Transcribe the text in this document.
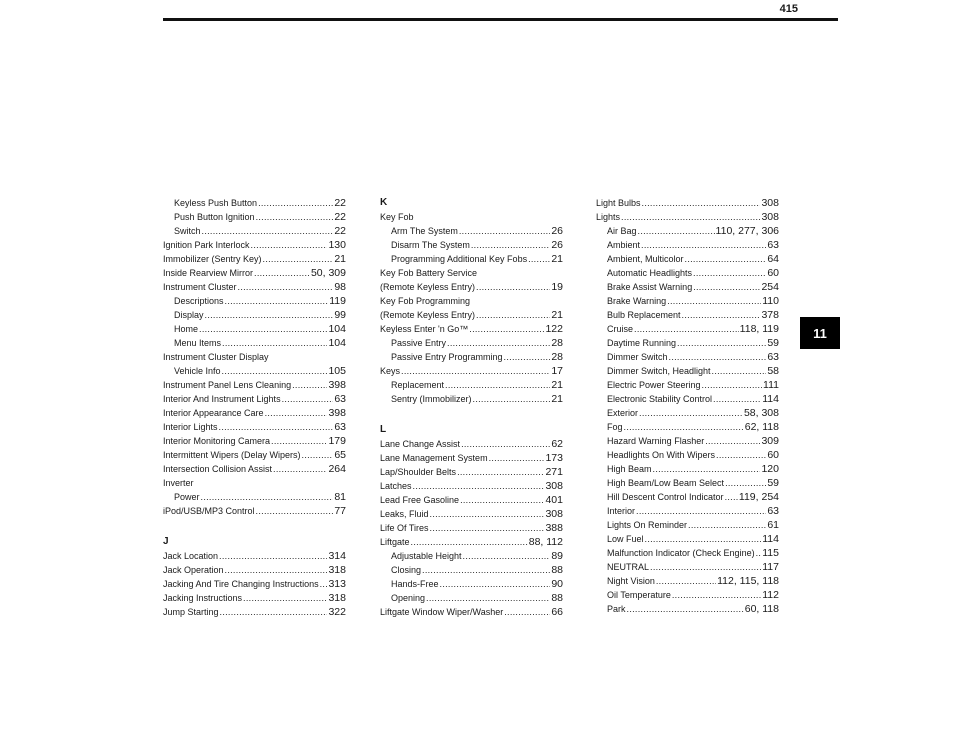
415
11
Keyless Push Button .....	22
Push Button Ignition .....	22
Switch .....	22
Ignition Park Interlock .....	130
Immobilizer (Sentry Key) .....	21
Inside Rearview Mirror .....	50, 309
Instrument Cluster .....	98
Descriptions .....	119
Display .....	99
Home .....	104
Menu Items .....	104
Instrument Cluster Display
Vehicle Info .....	105
Instrument Panel Lens Cleaning .....	398
Interior And Instrument Lights .....	63
Interior Appearance Care .....	398
Interior Lights .....	63
Interior Monitoring Camera .....	179
Intermittent Wipers (Delay Wipers) .....	65
Intersection Collision Assist .....	264
Inverter
Power .....	81
iPod/USB/MP3 Control .....	77
J
Jack Location .....	314
Jack Operation .....	318
Jacking And Tire Changing Instructions ..... 313
Jacking Instructions .....	318
Jump Starting .....	322
K
Key Fob
Arm The System .....	26
Disarm The System .....	26
Programming Additional Key Fobs ..... 21
Key Fob Battery Service
(Remote Keyless Entry) .....	19
Key Fob Programming
(Remote Keyless Entry) .....	21
Keyless Enter 'n Go™ .....	122
Passive Entry .....	28
Passive Entry Programming .....	28
Keys .....	17
Replacement .....	21
Sentry (Immobilizer) .....	21
L
Lane Change Assist .....	62
Lane Management System .....	173
Lap/Shoulder Belts .....	271
Latches .....	308
Lead Free Gasoline .....	401
Leaks, Fluid .....	308
Life Of Tires .....	388
Liftgate .....	88, 112
Adjustable Height .....	89
Closing .....	88
Hands-Free .....	90
Opening .....	88
Liftgate Window Wiper/Washer .....	66
Light Bulbs .....	308
Lights .....	308
Air Bag .....	110, 277, 306
Ambient .....	63
Ambient, Multicolor .....	64
Automatic Headlights .....	60
Brake Assist Warning .....	254
Brake Warning .....	110
Bulb Replacement .....	378
Cruise .....	118, 119
Daytime Running .....	59
Dimmer Switch .....	63
Dimmer Switch, Headlight .....	58
Electric Power Steering .....	111
Electronic Stability Control .....	114
Exterior .....	58, 308
Fog .....	62, 118
Hazard Warning Flasher .....	309
Headlights On With Wipers .....	60
High Beam .....	120
High Beam/Low Beam Select .....	59
Hill Descent Control Indicator ..... 119, 254
Interior .....	63
Lights On Reminder .....	61
Low Fuel .....	114
Malfunction Indicator (Check Engine) ..... 115
NEUTRAL .....	117
Night Vision .....	112, 115, 118
Oil Temperature .....	112
Park .....	60, 118
